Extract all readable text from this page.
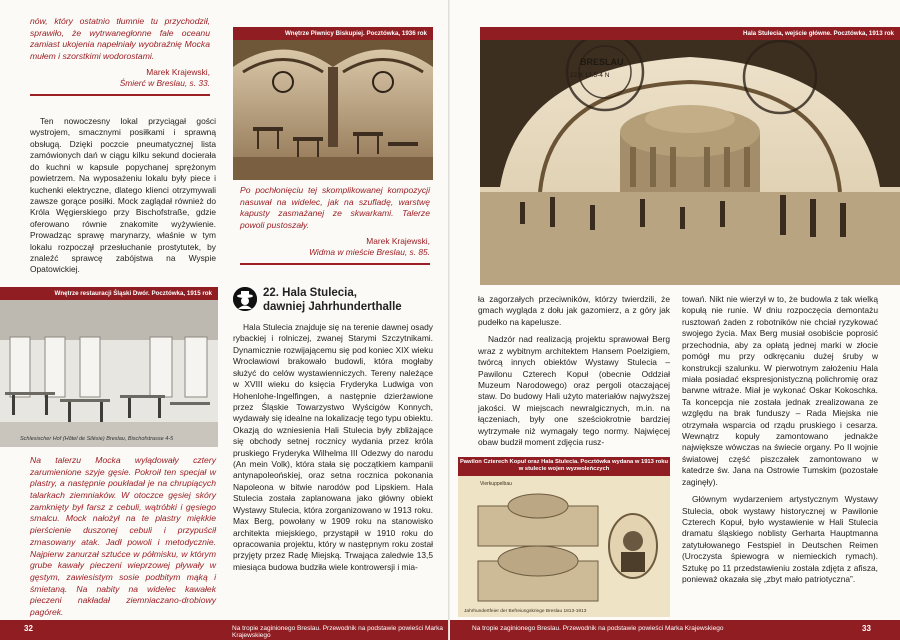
nów, który ostatnio tłumnie tu przychodził, sprawiło, że wytrwanegłonne fale oceanu zamiast ukojenia napełniały wyobraźnię Mocka mułem i szorstkimi wodorostami.
Marek Krajewski,
Śmierć w Breslau, s. 33.

Ten nowoczesny lokal przyciągał gości wystrojem, smacznymi posiłkami i sprawną obsługą. Dzięki poczcie pneumatycznej lista zamówionych dań w ciągu kilku sekund docierała do kuchni w kapsule popychanej sprężonym powietrzem. Na wyposażeniu lokalu były piece i kuchenki elektryczne, dlatego klienci otrzymywali zawsze gorące posiłki. Mock zaglądał również do Króla Węgierskiego przy Bischofstraße, gdzie oferowano równie znakomite wyżywienie. Prowadząc sprawę marynarzy, właśnie w tym lokalu rozpoczął przesłuchanie prostytutek, by znaleźć sprawcę zabójstwa na Wyspie Opatowickiej.

Wnętrze Piwnicy Biskupiej. Pocztówka, 1936 rok
Po pochłonięciu tej skomplikowanej kompozycji nasuwał na widelec, jak na szufladę, warstwę kapusty zasmażanej ze skwarkami. Talerze powoli pustoszały.
Marek Krajewski,
Widma w mieście Breslau, s. 85.
Wnętrze restauracji Śląski Dwór. Pocztówka, 1915 rok
Schlesischer Hof (Hôtel de Silésie) Breslau, Bischofstrasse 4-5
Na talerzu Mocka wylądowały cztery zarumienione szyje gęsie. Pokroił ten specjał w plastry, a następnie poukładał je na chrupiących talarkach ziemniaków. W otoczce gęsiej skóry zamknięty był farsz z cebuli, wątróbki i gęsiego smalcu. Mock nałożył na te plastry miękkie pierścienie duszonej cebuli i przypuścił zmasowany atak. Jadł powoli i metodycznie. Najpierw zanurzał sztućce w półmisku, w którym grube kawały pieczeni wieprzowej pływały w gęstym, zawiesistym sosie podbitym mąką i śmietaną. Na nabity na widelec kawałek pieczeni nakładał ziemniaczano-drobiowy pagórek.
22. Hala Stulecia,
dawniej Jahrhunderthalle

Hala Stulecia znajduje się na terenie dawnej osady rybackiej i rolniczej, zwanej Starymi Szczytnikami. Dynamicznie rozwijającemu się pod koniec XIX wieku Wrocławiowi brakowało budowli, która mogłaby służyć do celów wystawienniczych. Tereny należące w XVIII wieku do księcia Fryderyka Ludwiga von Hohenlohe-Ingelfingen, a następnie dzierżawione przez Śląskie Towarzystwo Wyścigów Konnych, wydawały się idealne na lokalizację tego typu obiektu. Okazją do wzniesienia Hali Stulecia były zbliżające się obchody setnej rocznicy wydania przez króla pruskiego Fryderyka Wilhelma III Odezwy do narodu (An mein Volk), która stała się początkiem kampanii antynapoleońskiej, oraz setna rocznica pokonania Napoleona w bitwie narodów pod Lipskiem. Hala Stulecia została zaplanowana jako główny obiekt Wystawy Stulecia, która zorganizowano w 1913 roku. Max Berg, powołany w 1909 roku na stanowisko architekta miejskiego, przystąpił w 1910 roku do opracowania projektu, który w następnym roku został przyjęty przez Radę Miejską. Trwająca zaledwie 13,5 miesiąca budowa budziła wiele kontrowersji i mia-

32	Na tropie zaginionego Breslau. Przewodnik na podstawie powieści Marka Krajewskiego
BRESLAU
22.8.13.5-4 N
Hala Stulecia, wejście główne. Pocztówka, 1913 rok

ła zagorzałych przeciwników, którzy twierdzili, że gmach wygląda z dołu jak gazomierz, a z góry jak pudełko na kapelusze.

Nadzór nad realizacją projektu sprawował Berg wraz z wybitnym architektem Hansem Poelzigiem, twórcą innych obiektów Wystawy Stulecia – Pawilonu Czterech Kopuł (obecnie Oddział Muzeum Narodowego) oraz pergoli otaczającej staw. Do budowy Hali użyto materiałów najwyższej jakości. W miejscach newralgicznych, m.in. na łączeniach, były one sześciokrotnie bardziej wytrzymałe niż wymagały tego normy. Najwięcej obaw budził moment zdjęcia rusz-

Pawilon Czterech Kopuł oraz Hala Stulecia. Pocztówka wydana w 1913 roku w stulecie wojen wyzwoleńczych
Vierkuppelbau
Jahrhundertfeier der Befreiungskriege Breslau 1813-1913

towań. Nikt nie wierzył w to, że budowla z tak wielką kopułą nie runie. W dniu rozpoczęcia demontażu rusztowań żaden z robotników nie chciał ryzykować swojego życia. Max Berg musiał osobiście poprosić przechodnia, aby za opłatą jednej marki w złocie pomógł mu przy odkręcaniu dużej śruby w konstrukcji szalunku. W pierwotnym założeniu Hala miała posiadać ekspresjonistyczną polichromię oraz barwne witraże. Miał je wykonać Oskar Kokoschka. Ta koncepcja nie została jednak zrealizowana ze względu na brak funduszy – Rada Miejska nie otrzymała wsparcia od rządu pruskiego i cesarza. Wewnątrz kopuły zamontowano jednakże największe wówczas na świecie organy. Po II wojnie światowej część piszczałek zamontowano w katedrze św. Jana na Ostrowie Tumskim (pozostałe zaginęły).

Głównym wydarzeniem artystycznym Wystawy Stulecia, obok wystawy historycznej w Pawilonie Czterech Kopuł, było wystawienie w Hali Stulecia dramatu śląskiego noblisty Gerharta Hauptmanna zatytułowanego Festspiel in Deutschen Reimen (Uroczysta śpiewogra w niemieckich rymach). Sztukę po 11 przedstawieniu została zdjęta z afisza, ponieważ okazała się „zbyt mało patriotyczna”.

Na tropie zaginionego Breslau. Przewodnik na podstawie powieści Marka Krajewskiego	33
